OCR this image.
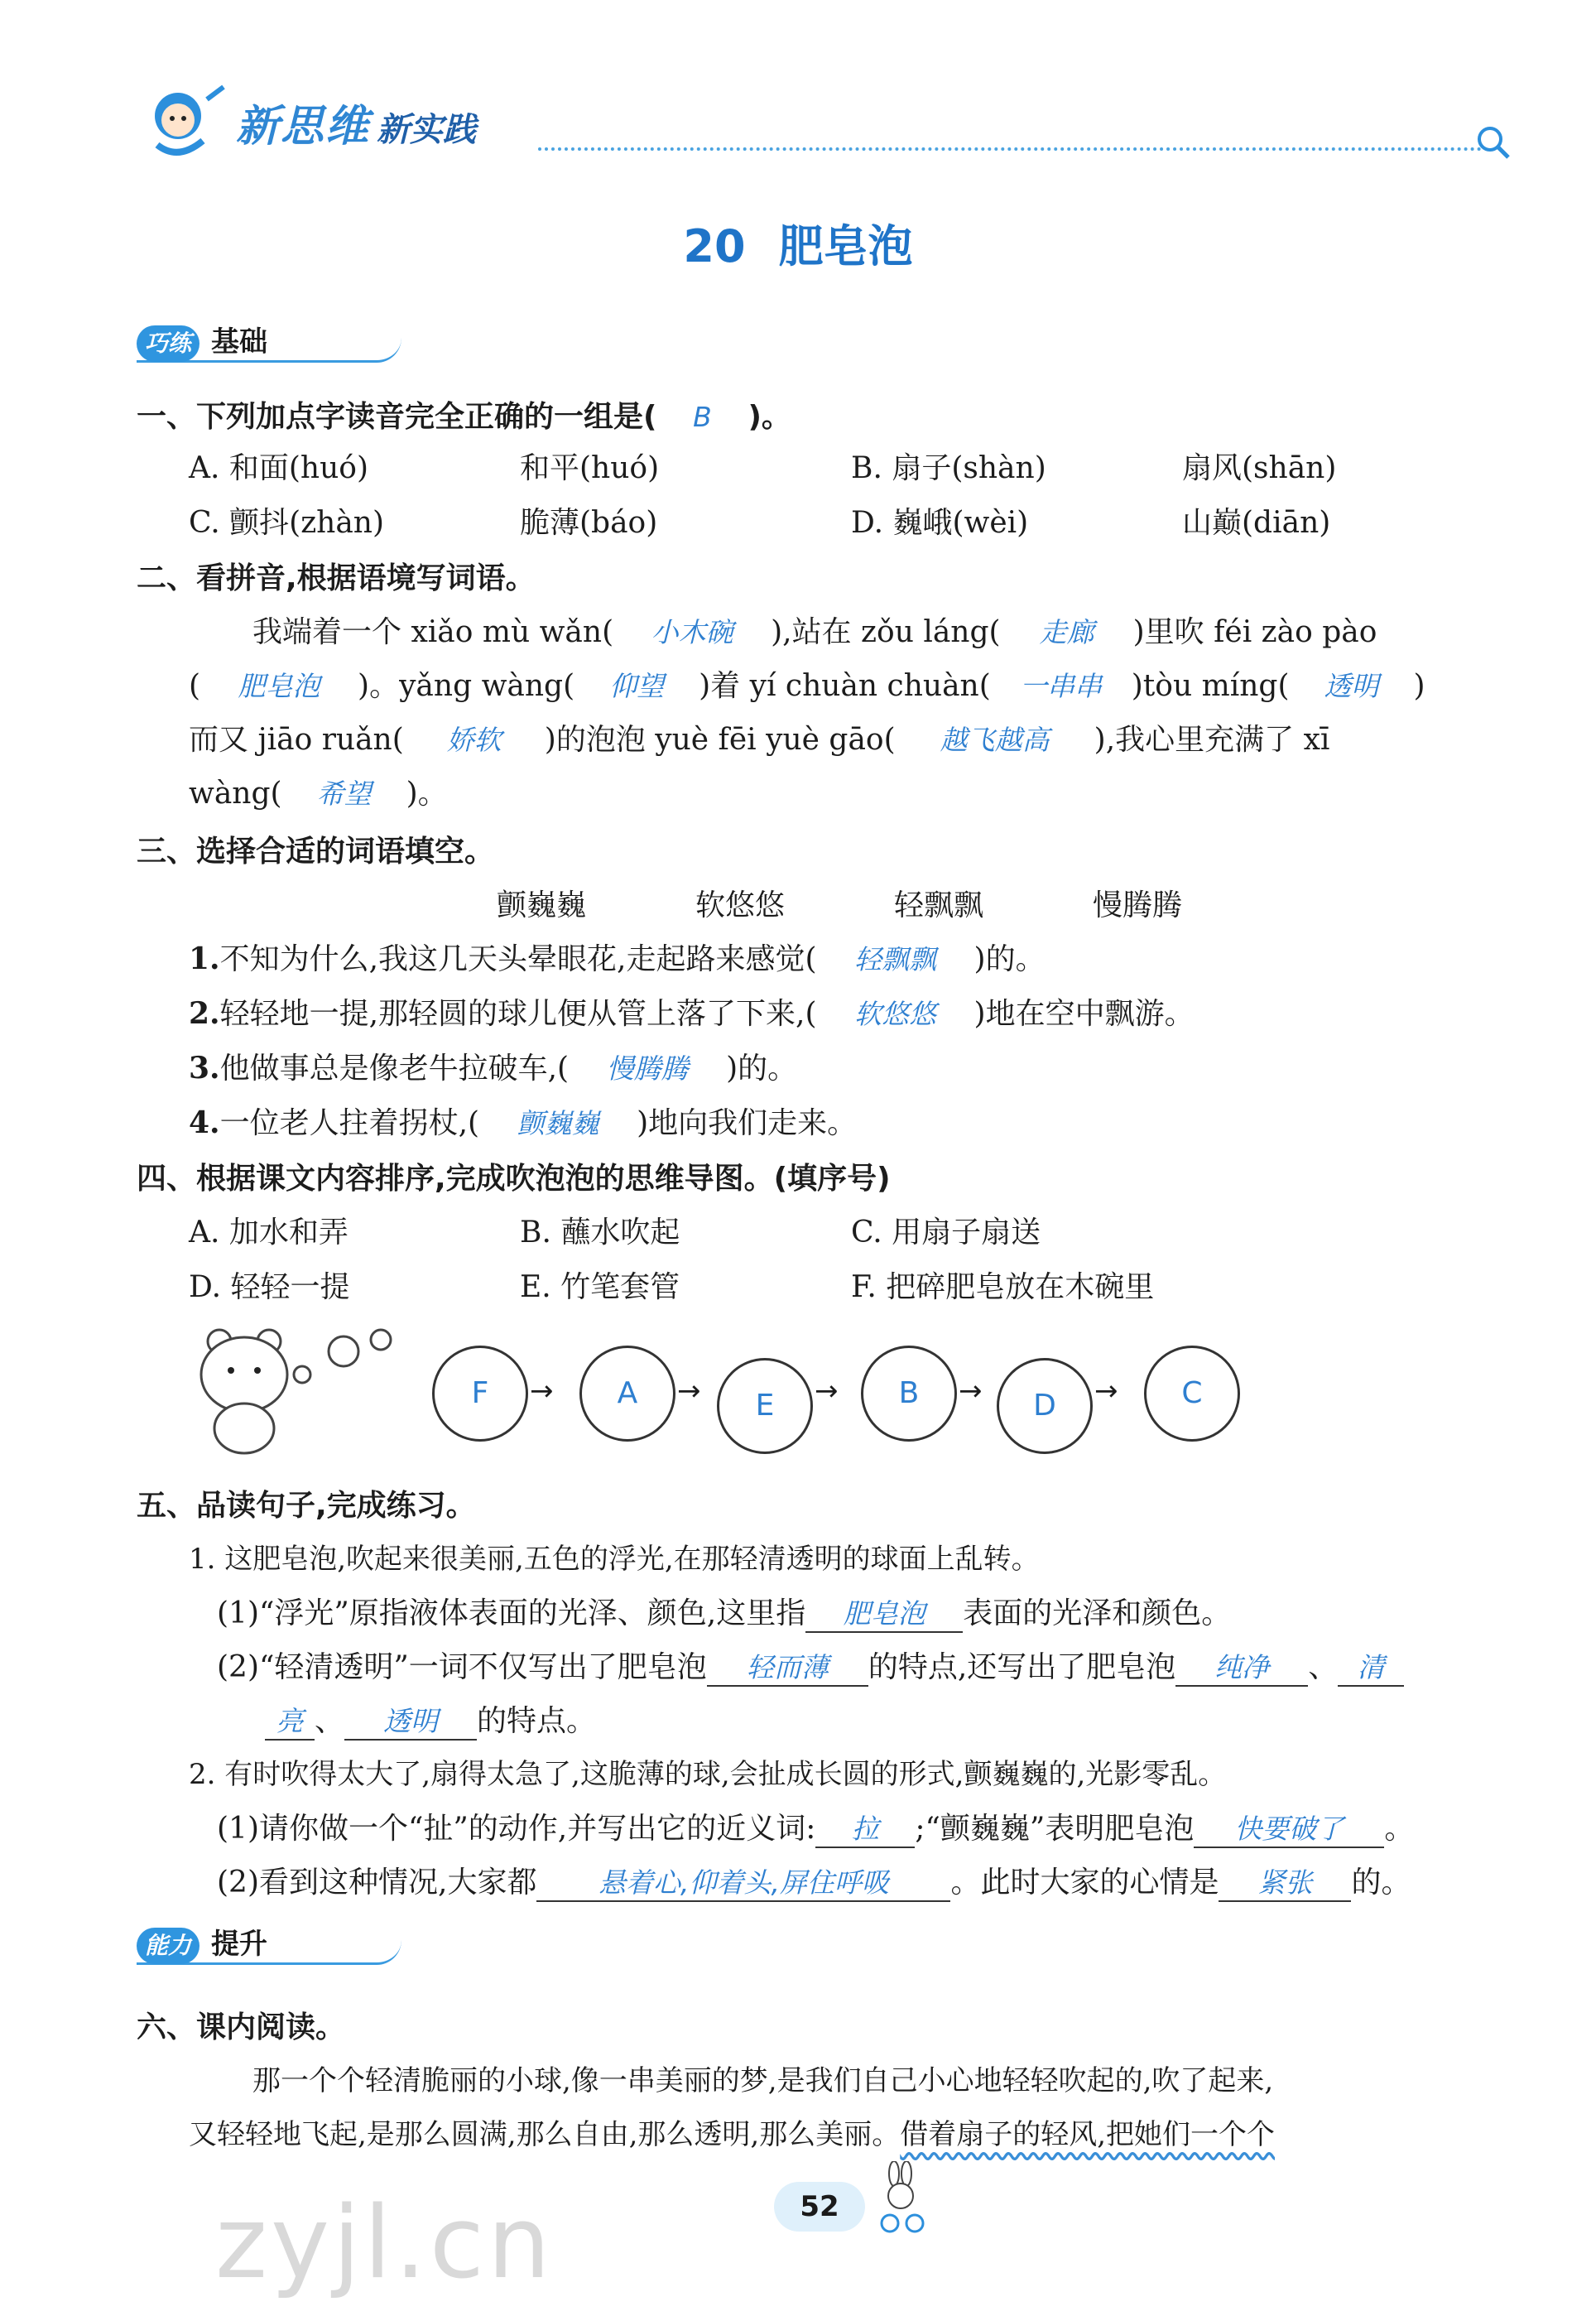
新思维 新实践
20 肥皂泡
巧练 基础
一、下列加点字读音完全正确的一组是( B )。
A. 和面(huó)	和平(huó)	B. 扇子(shàn)	扇风(shān)
C. 颤抖(zhàn)	脆薄(báo)	D. 巍峨(wèi)	山巅(diān)
二、看拼音,根据语境写词语。
我端着一个 xiǎo mù wǎn( 小木碗 ),站在 zǒu láng( 走廊 )里吹 féi zào pào
( 肥皂泡 )。yǎng wàng( 仰望 )着 yí chuàn chuàn( 一串串 )tòu míng( 透明 )
而又 jiāo ruǎn( 娇软 )的泡泡 yuè fēi yuè gāo( 越飞越高 ),我心里充满了 xī
wàng( 希望 )。
三、选择合适的词语填空。
颤巍巍	软悠悠	轻飘飘	慢腾腾
1.不知为什么,我这几天头晕眼花,走起路来感觉( 轻飘飘 )的。
2.轻轻地一提,那轻圆的球儿便从管上落了下来,( 软悠悠 )地在空中飘游。
3.他做事总是像老牛拉破车,( 慢腾腾 )的。
4.一位老人拄着拐杖,( 颤巍巍 )地向我们走来。
四、根据课文内容排序,完成吹泡泡的思维导图。(填序号)
A. 加水和弄	B. 蘸水吹起	C. 用扇子扇送
D. 轻轻一提	E. 竹笔套管	F. 把碎肥皂放在木碗里
F	→	A	→	E	→	B	→	D	→	C
五、品读句子,完成练习。
1. 这肥皂泡,吹起来很美丽,五色的浮光,在那轻清透明的球面上乱转。
(1)“浮光”原指液体表面的光泽、颜色,这里指 肥皂泡 表面的光泽和颜色。
(2)“轻清透明”一词不仅写出了肥皂泡 轻而薄 的特点,还写出了肥皂泡 纯净 、 清
亮 、 透明 的特点。
2. 有时吹得太大了,扇得太急了,这脆薄的球,会扯成长圆的形式,颤巍巍的,光影零乱。
(1)请你做一个“扯”的动作,并写出它的近义词: 拉 ;“颤巍巍”表明肥皂泡 快要破了 。
(2)看到这种情况,大家都 悬着心,仰着头,屏住呼吸 。此时大家的心情是 紧张 的。
能力 提升
六、课内阅读。
那一个个轻清脆丽的小球,像一串美丽的梦,是我们自己小心地轻轻吹起的,吹了起来,
又轻轻地飞起,是那么圆满,那么自由,那么透明,那么美丽。借着扇子的轻风,把她们一个个
zyjl.cn	52
